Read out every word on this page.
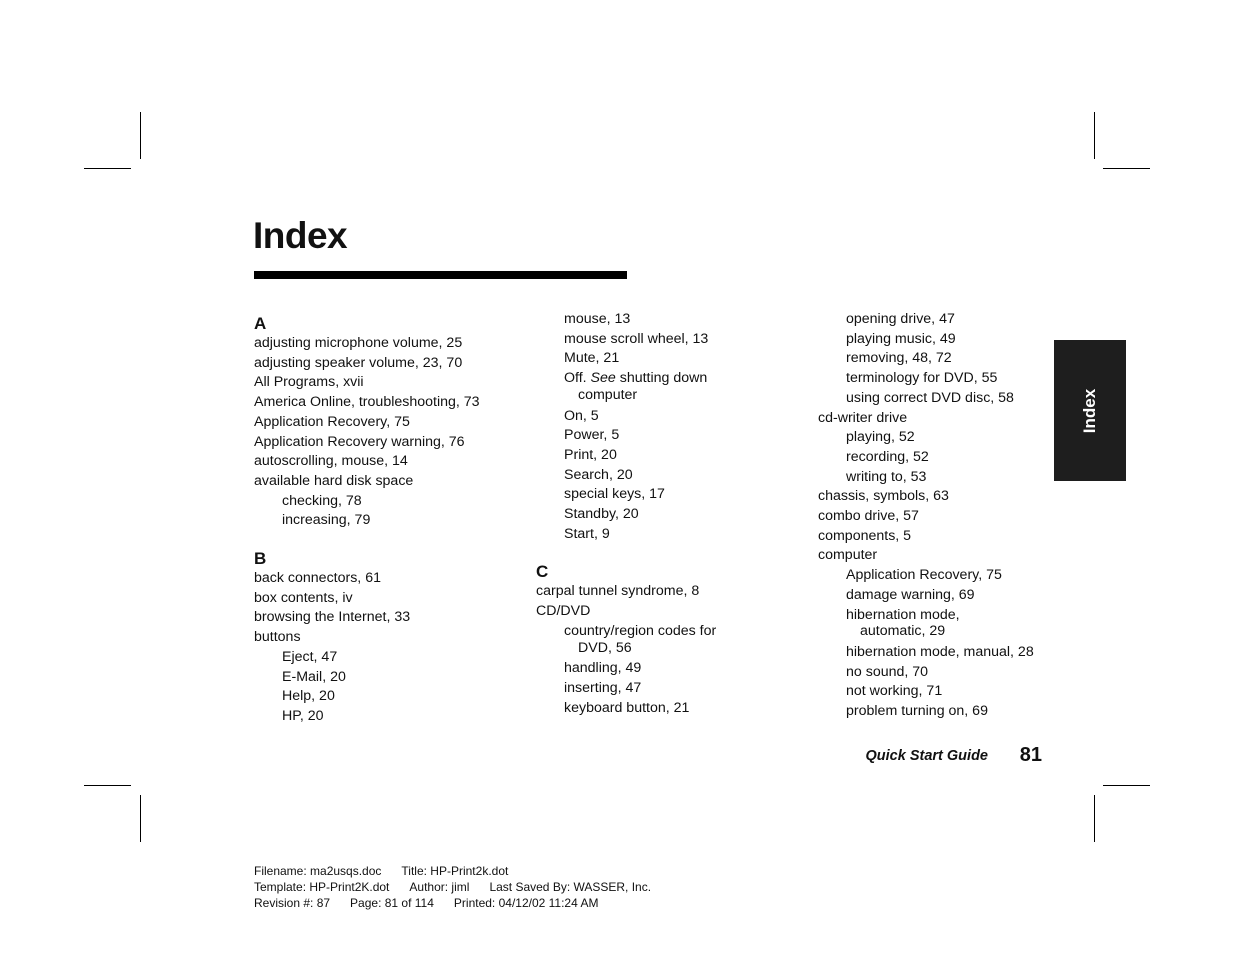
Index
A
adjusting microphone volume, 25
adjusting speaker volume, 23, 70
All Programs, xvii
America Online, troubleshooting, 73
Application Recovery, 75
Application Recovery warning, 76
autoscrolling, mouse, 14
available hard disk space
checking, 78
increasing, 79
B
back connectors, 61
box contents, iv
browsing the Internet, 33
buttons
Eject, 47
E-Mail, 20
Help, 20
HP, 20
mouse, 13
mouse scroll wheel, 13
Mute, 21
Off. See shutting down
computer
On, 5
Power, 5
Print, 20
Search, 20
special keys, 17
Standby, 20
Start, 9
C
carpal tunnel syndrome, 8
CD/DVD
country/region codes for
DVD, 56
handling, 49
inserting, 47
keyboard button, 21
opening drive, 47
playing music, 49
removing, 48, 72
terminology for DVD, 55
using correct DVD disc, 58
cd-writer drive
playing, 52
recording, 52
writing to, 53
chassis, symbols, 63
combo drive, 57
components, 5
computer
Application Recovery, 75
damage warning, 69
hibernation mode,
automatic, 29
hibernation mode, manual, 28
no sound, 70
not working, 71
problem turning on, 69
Index
Quick Start Guide	81
Filename: ma2usqs.doc Title: HP-Print2k.dot
Template: HP-Print2K.dot Author: jiml Last Saved By: WASSER, Inc.
Revision #: 87 Page: 81 of 114 Printed: 04/12/02 11:24 AM
